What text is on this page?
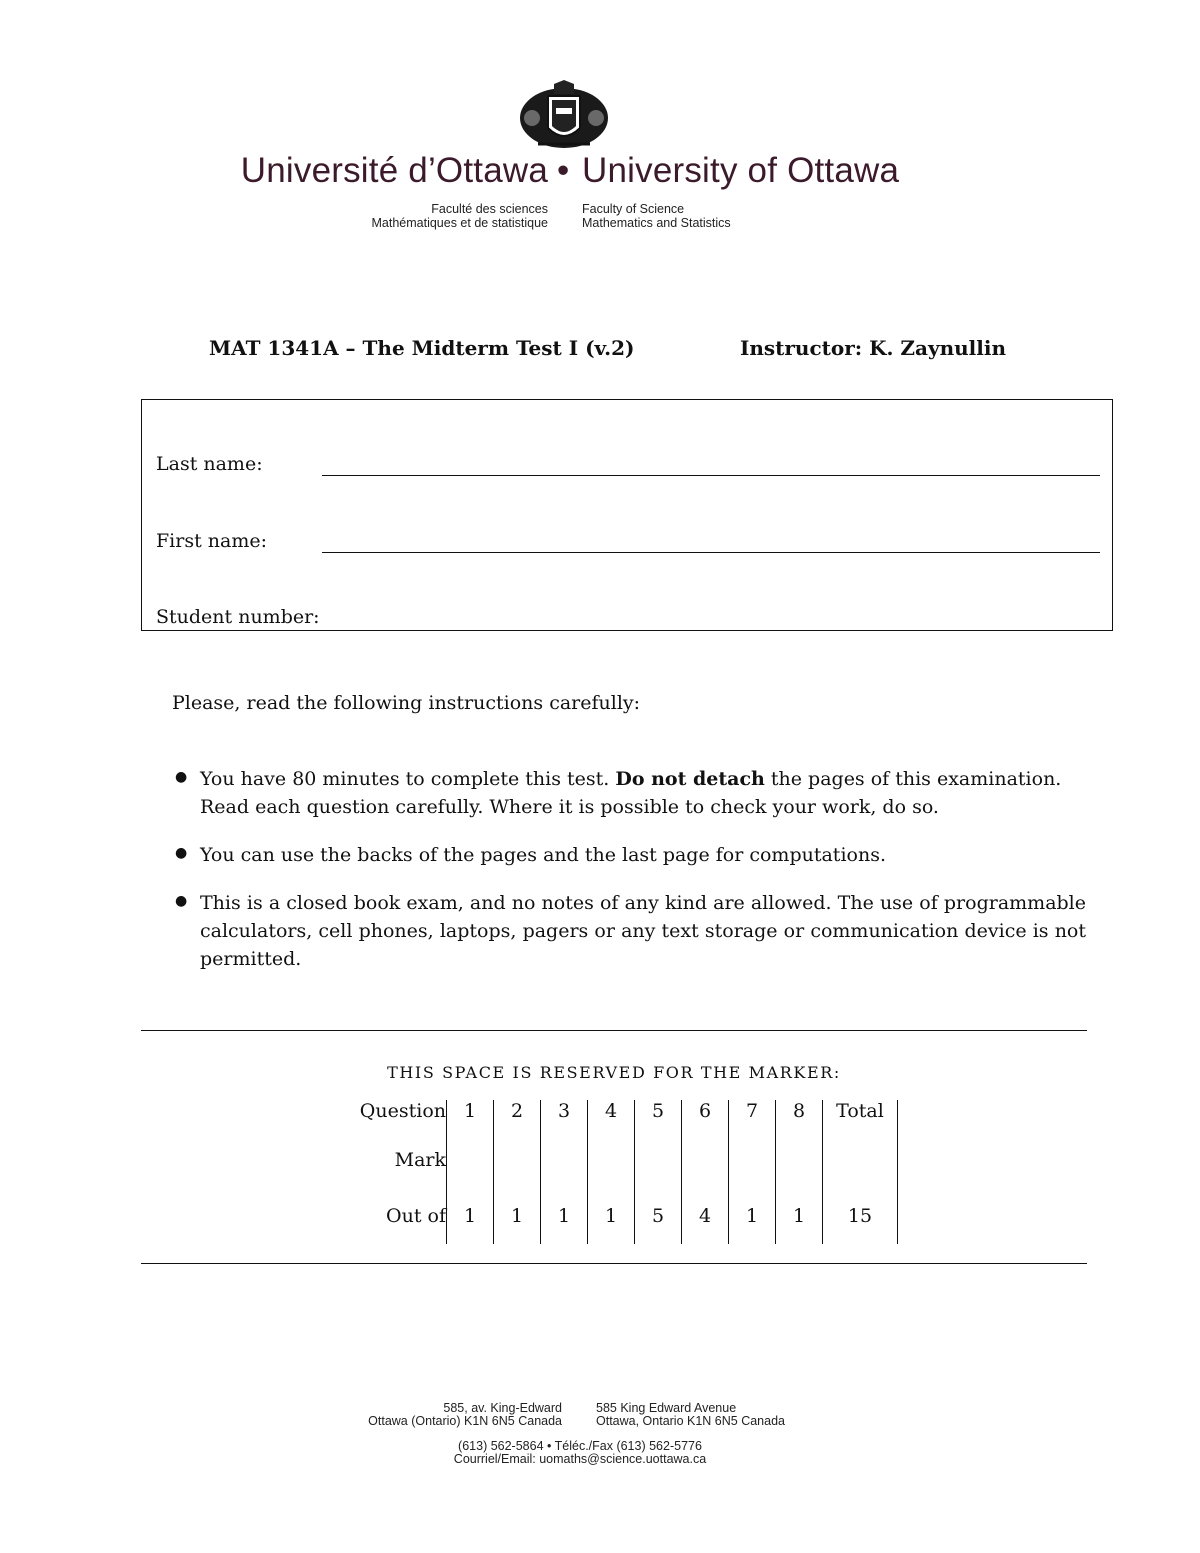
Université d’Ottawa • University of Ottawa
Faculté des sciences
Mathématiques et de statistique
Faculty of Science
Mathematics and Statistics
MAT 1341A – The Midterm Test I (v.2)	Instructor: K. Zaynullin
Last name:
First name:
Student number:
Please, read the following instructions carefully:
● You have 80 minutes to complete this test. Do not detach the pages of this examination. Read each question carefully. Where it is possible to check your work, do so.
● You can use the backs of the pages and the last page for computations.
● This is a closed book exam, and no notes of any kind are allowed. The use of programmable calculators, cell phones, laptops, pagers or any text storage or communication device is not permitted.
THIS SPACE IS RESERVED FOR THE MARKER:
Question	1	2	3	4	5	6	7	8	Total
Mark									
Out of	1	1	1	1	5	4	1	1	15
585, av. King-Edward
Ottawa (Ontario) K1N 6N5 Canada
585 King Edward Avenue
Ottawa, Ontario K1N 6N5 Canada
(613) 562-5864 • Téléc./Fax (613) 562-5776
Courriel/Email: uomaths@science.uottawa.ca
